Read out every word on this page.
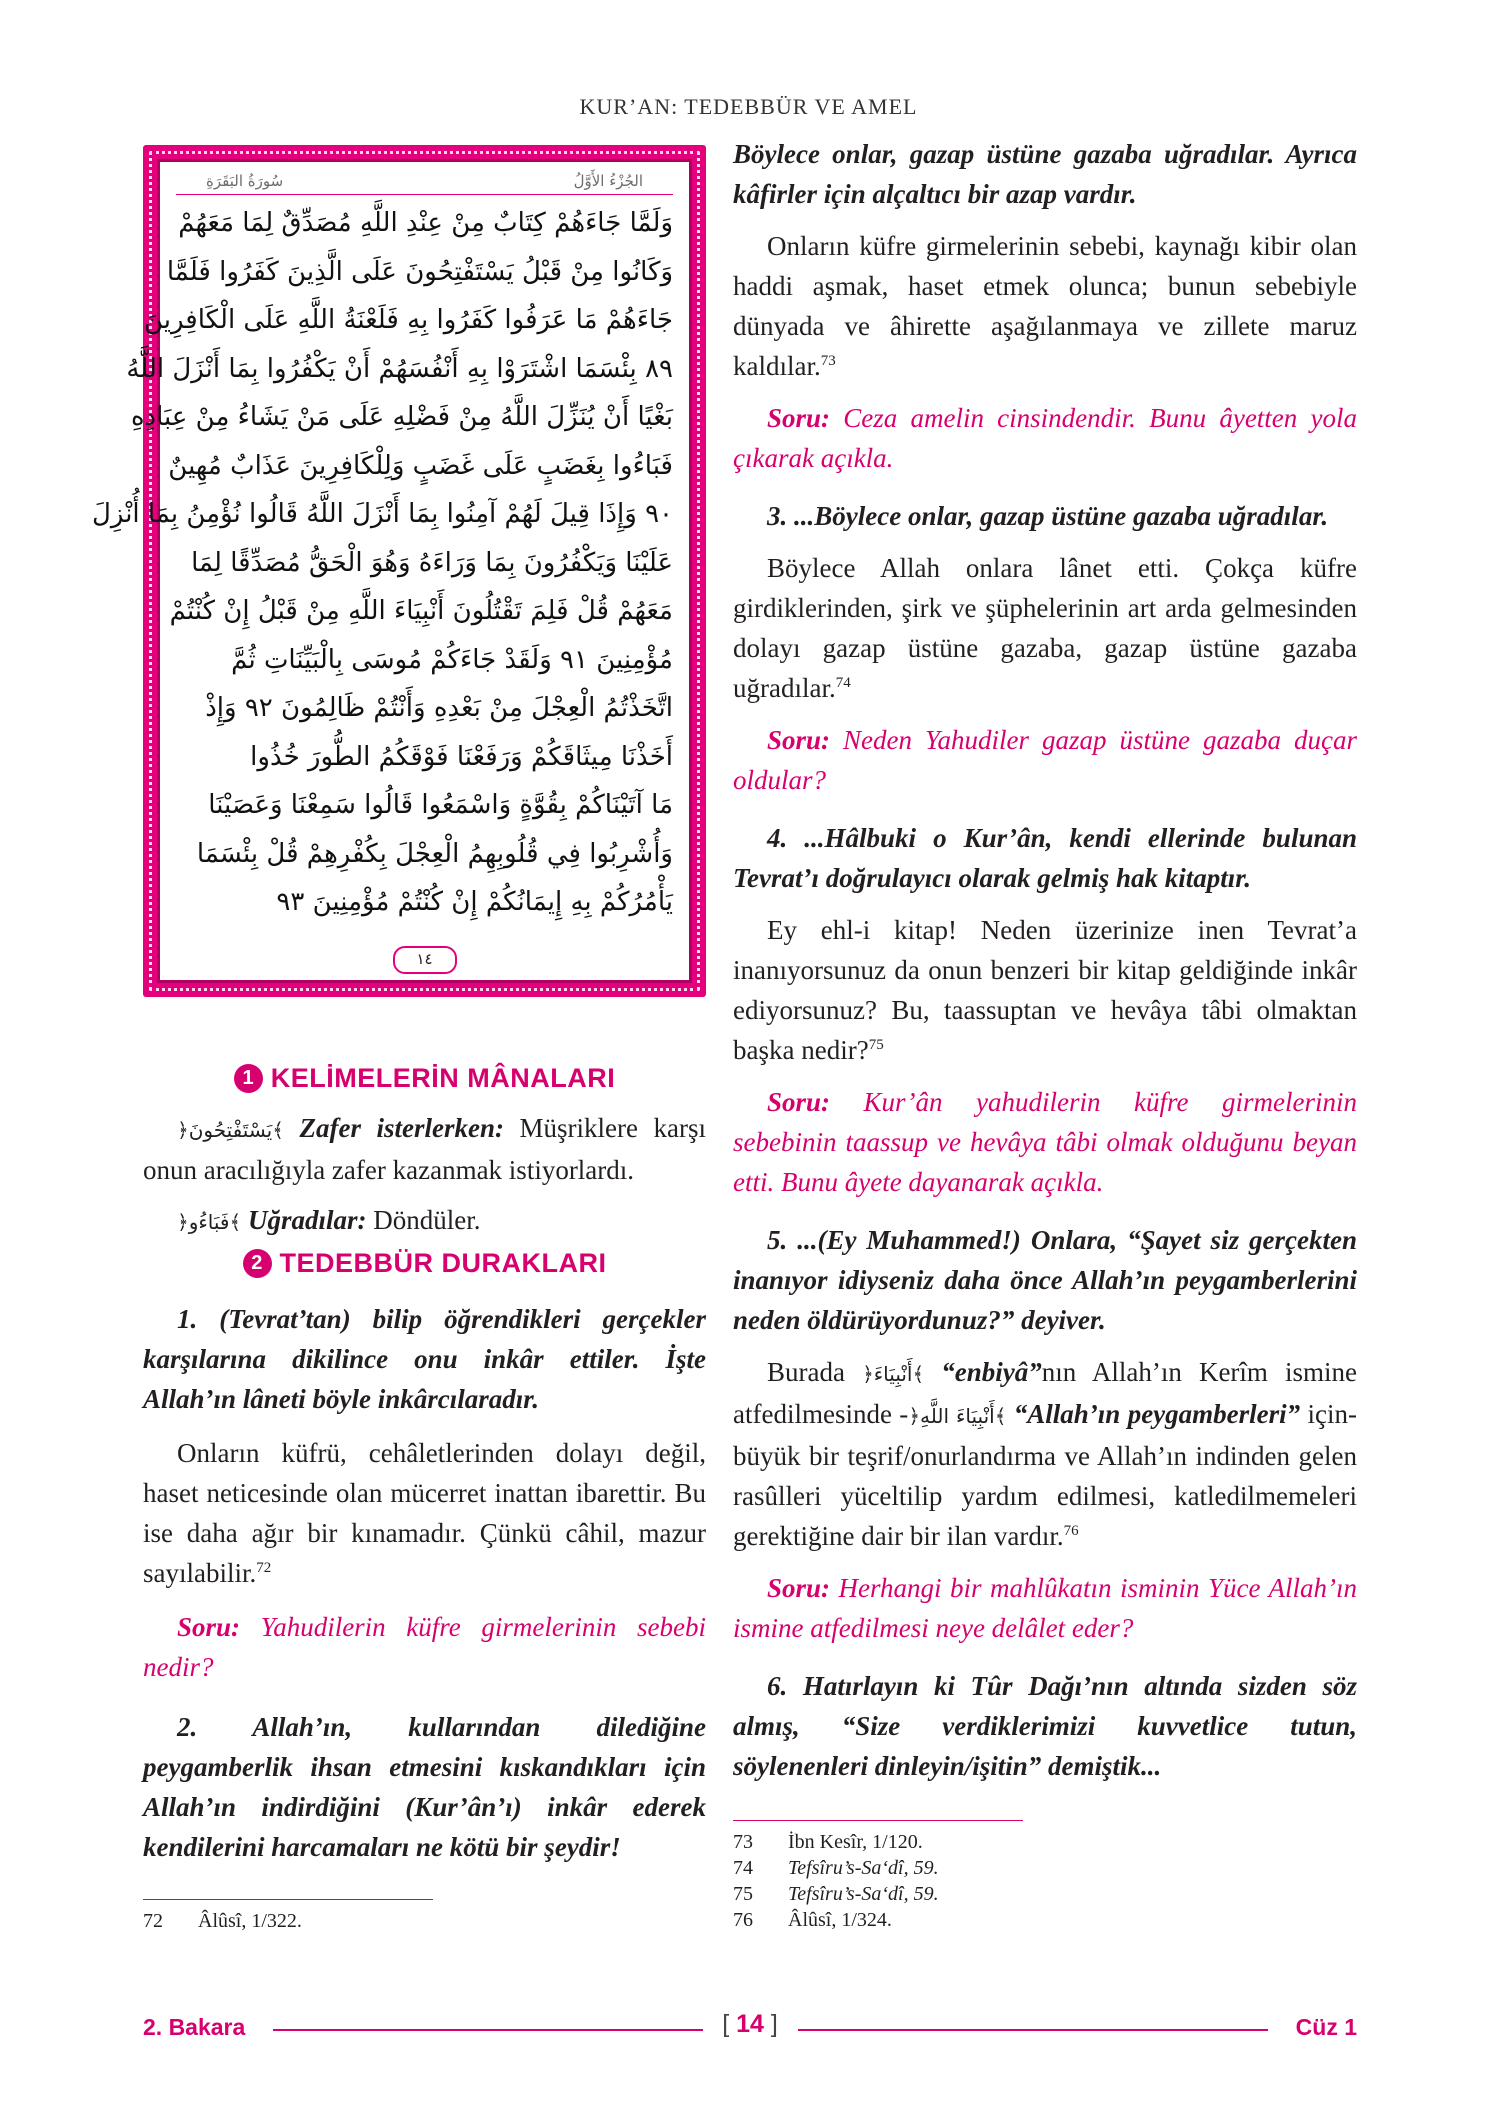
KUR’AN: TEDEBBÜR VE AMEL
سُورَةُ البَقَرَةِ	الجُزْءُ الأَوَّلُ
وَلَمَّا جَاءَهُمْ كِتَابٌ مِنْ عِنْدِ اللَّهِ مُصَدِّقٌ لِمَا مَعَهُمْ
وَكَانُوا مِنْ قَبْلُ يَسْتَفْتِحُونَ عَلَى الَّذِينَ كَفَرُوا فَلَمَّا
جَاءَهُمْ مَا عَرَفُوا كَفَرُوا بِهِ فَلَعْنَةُ اللَّهِ عَلَى الْكَافِرِينَ
٨٩ بِئْسَمَا اشْتَرَوْا بِهِ أَنْفُسَهُمْ أَنْ يَكْفُرُوا بِمَا أَنْزَلَ اللَّهُ
بَغْيًا أَنْ يُنَزِّلَ اللَّهُ مِنْ فَضْلِهِ عَلَى مَنْ يَشَاءُ مِنْ عِبَادِهِ
فَبَاءُوا بِغَضَبٍ عَلَى غَضَبٍ وَلِلْكَافِرِينَ عَذَابٌ مُهِينٌ
٩٠ وَإِذَا قِيلَ لَهُمْ آمِنُوا بِمَا أَنْزَلَ اللَّهُ قَالُوا نُؤْمِنُ بِمَا أُنْزِلَ
عَلَيْنَا وَيَكْفُرُونَ بِمَا وَرَاءَهُ وَهُوَ الْحَقُّ مُصَدِّقًا لِمَا
مَعَهُمْ قُلْ فَلِمَ تَقْتُلُونَ أَنْبِيَاءَ اللَّهِ مِنْ قَبْلُ إِنْ كُنْتُمْ
مُؤْمِنِينَ ٩١ وَلَقَدْ جَاءَكُمْ مُوسَى بِالْبَيِّنَاتِ ثُمَّ
اتَّخَذْتُمُ الْعِجْلَ مِنْ بَعْدِهِ وَأَنْتُمْ ظَالِمُونَ ٩٢ وَإِذْ
أَخَذْنَا مِيثَاقَكُمْ وَرَفَعْنَا فَوْقَكُمُ الطُّورَ خُذُوا
مَا آتَيْنَاكُمْ بِقُوَّةٍ وَاسْمَعُوا قَالُوا سَمِعْنَا وَعَصَيْنَا
وَأُشْرِبُوا فِي قُلُوبِهِمُ الْعِجْلَ بِكُفْرِهِمْ قُلْ بِئْسَمَا
يَأْمُرُكُمْ بِهِ إِيمَانُكُمْ إِنْ كُنْتُمْ مُؤْمِنِينَ ٩٣
١٤
1 KELİMELERİN MÂNALARI

﴿يَسْتَفْتِحُونَ﴾ Zafer isterlerken: Müşriklere karşı onun aracılığıyla zafer kazanmak istiyorlardı.

﴿فَبَاءُو﴾ Uğradılar: Döndüler.

2 TEDEBBÜR DURAKLARI

1. (Tevrat’tan) bilip öğrendikleri gerçekler karşılarına dikilince onu inkâr ettiler. İşte Allah’ın lâneti böyle inkârcılaradır.

Onların küfrü, cehâletlerinden dolayı değil, haset neticesinde olan mücerret inattan ibarettir. Bu ise daha ağır bir kınamadır. Çünkü câhil, mazur sayılabilir.$^{72}$

Soru: Yahudilerin küfre girmelerinin sebebi nedir?

2. Allah’ın, kullarından dilediğine peygamberlik ihsan etmesini kıskandıkları için Allah’ın indirdiğini (Kur’ân’ı) inkâr ederek kendilerini harcamaları ne kötü bir şeydir!

72	Âlûsî, 1/322.

Böylece onlar, gazap üstüne gazaba uğradılar. Ayrıca kâfirler için alçaltıcı bir azap vardır.

Onların küfre girmelerinin sebebi, kaynağı kibir olan haddi aşmak, haset etmek olunca; bunun sebebiyle dünyada ve âhirette aşağılanmaya ve zillete maruz kaldılar.$^{73}$

Soru: Ceza amelin cinsindendir. Bunu âyetten yola çıkarak açıkla.

3. ...Böylece onlar, gazap üstüne gazaba uğradılar.

Böylece Allah onlara lânet etti. Çokça küfre girdiklerinden, şirk ve şüphelerinin art arda gelmesinden dolayı gazap üstüne gazaba, gazap üstüne gazaba uğradılar.$^{74}$

Soru: Neden Yahudiler gazap üstüne gazaba duçar oldular?

4. ...Hâlbuki o Kur’ân, kendi ellerinde bulunan Tevrat’ı doğrulayıcı olarak gelmiş hak kitaptır.

Ey ehl-i kitap! Neden üzerinize inen Tevrat’a inanıyorsunuz da onun benzeri bir kitap geldiğinde inkâr ediyorsunuz? Bu, taassuptan ve hevâya tâbi olmaktan başka nedir?$^{75}$

Soru: Kur’ân yahudilerin küfre girmelerinin sebebinin taassup ve hevâya tâbi olmak olduğunu beyan etti. Bunu âyete dayanarak açıkla.

5. ...(Ey Muhammed!) Onlara, “Şayet siz gerçekten inanıyor idiyseniz daha önce Allah’ın peygamberlerini neden öldürüyordunuz?” deyiver.

Burada ﴿أَنْبِيَاءَ﴾ “enbiyâ”nın Allah’ın Kerîm ismine atfedilmesinde -﴿أَنْبِيَاءَ اللَّهِ﴾ “Allah’ın peygamberleri” için- büyük bir teşrif/onurlandırma ve Allah’ın indinden gelen rasûlleri yüceltilip yardım edilmesi, katledilmemeleri gerektiğine dair bir ilan vardır.$^{76}$

Soru: Herhangi bir mahlûkatın isminin Yüce Allah’ın ismine atfedilmesi neye delâlet eder?

6. Hatırlayın ki Tûr Dağı’nın altında sizden söz almış, “Size verdiklerimizi kuvvetlice tutun, söylenenleri dinleyin/işitin” demiştik...

73	İbn Kesîr, 1/120.
74	Tefsîru’s-Sa‘dî, 59.
75	Tefsîru’s-Sa‘dî, 59.
76	Âlûsî, 1/324.
2. Bakara	[ 14 ]	Cüz 1
